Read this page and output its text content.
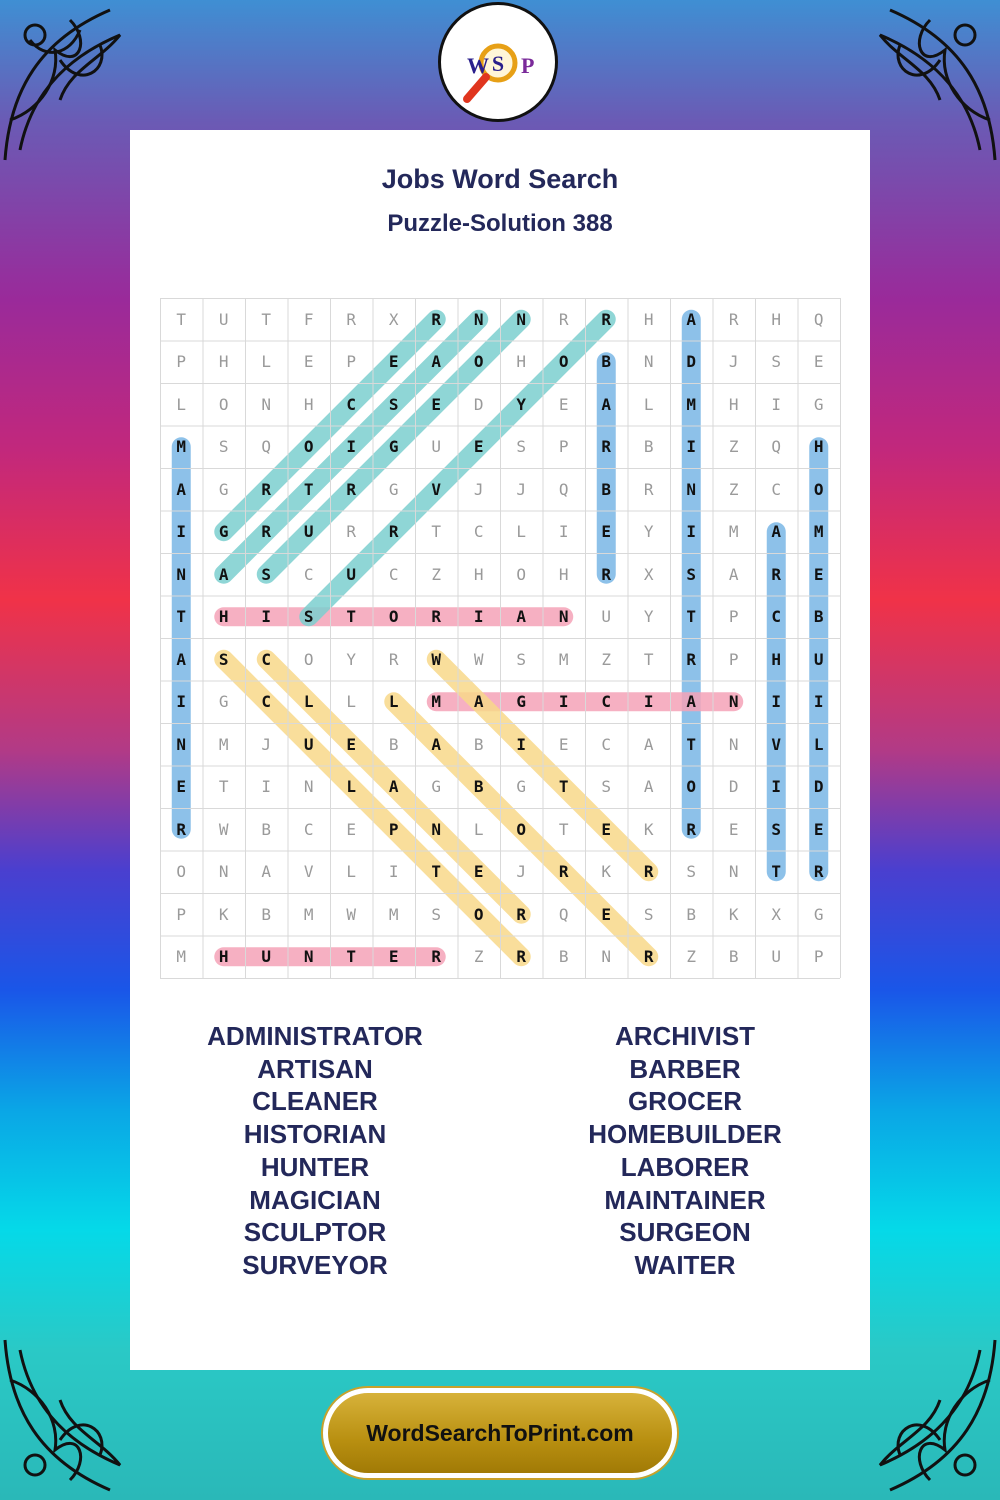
W S P
Jobs Word Search
Puzzle-Solution 388
T	U	T	F	R	X	R	N	N	R	R	H	A	R	H	Q
P	H	L	E	P	E	A	O	H	O	B	N	D	J	S	E
L	O	N	H	C	S	E	D	Y	E	A	L	M	H	I	G
M	S	Q	O	I	G	U	E	S	P	R	B	I	Z	Q	H
A	G	R	T	R	G	V	J	J	Q	B	R	N	Z	C	O
I	G	R	U	R	R	T	C	L	I	E	Y	I	M	A	M
N	A	S	C	U	C	Z	H	O	H	R	X	S	A	R	E
T	H	I	S	T	O	R	I	A	N	U	Y	T	P	C	B
A	S	C	O	Y	R	W	W	S	M	Z	T	R	P	H	U
I	G	C	L	L	L	M	A	G	I	C	I	A	N	I	I
N	M	J	U	E	B	A	B	I	E	C	A	T	N	V	L
E	T	I	N	L	A	G	B	G	T	S	A	O	D	I	D
R	W	B	C	E	P	N	L	O	T	E	K	R	E	S	E
O	N	A	V	L	I	T	E	J	R	K	R	S	N	T	R
P	K	B	M	W	M	S	O	R	Q	E	S	B	K	X	G
M	H	U	N	T	E	R	Z	R	B	N	R	Z	B	U	P
ADMINISTRATOR
ARTISAN
CLEANER
HISTORIAN
HUNTER
MAGICIAN
SCULPTOR
SURVEYOR
ARCHIVIST
BARBER
GROCER
HOMEBUILDER
LABORER
MAINTAINER
SURGEON
WAITER
WordSearchToPrint.com
